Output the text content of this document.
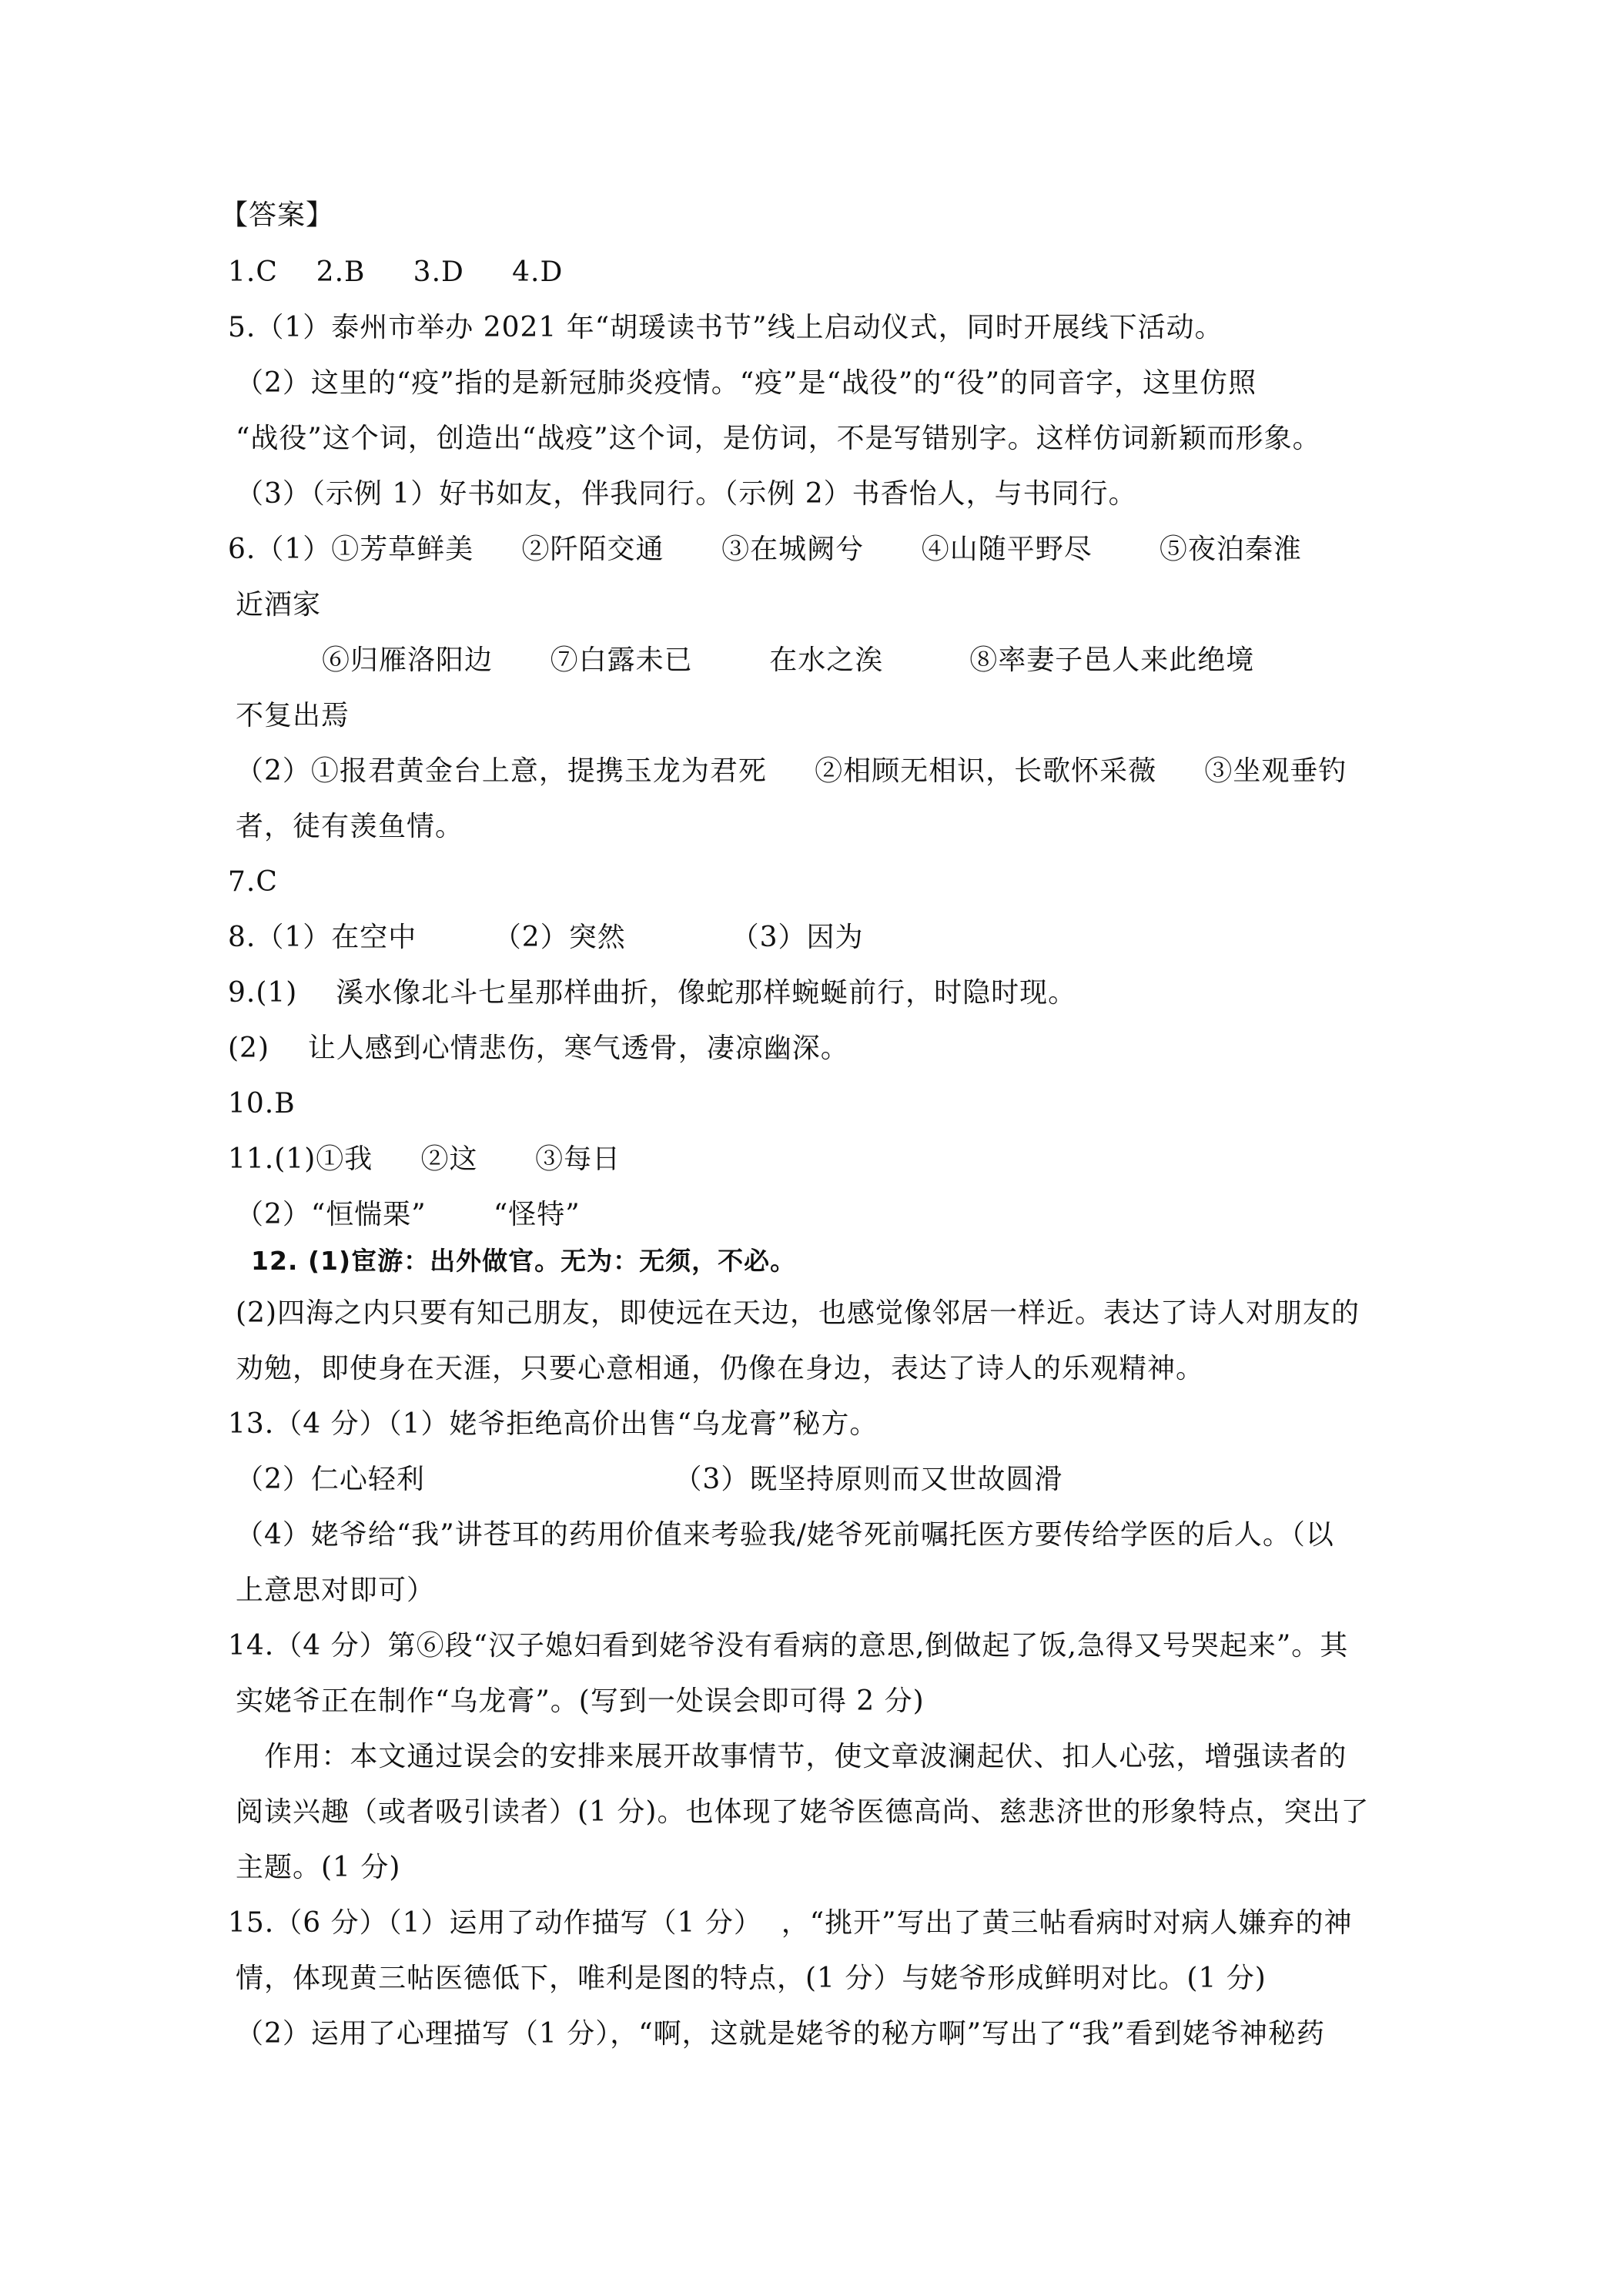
【答案】
1.C    2.B     3.D     4.D
5.（1）泰州市举办 2021 年“胡瑗读书节”线上启动仪式，同时开展线下活动。
（2）这里的“疫”指的是新冠肺炎疫情。“疫”是“战役”的“役”的同音字，这里仿照
“战役”这个词，创造出“战疫”这个词，是仿词，不是写错别字。这样仿词新颖而形象。
（3）（示例 1）好书如友，伴我同行。（示例 2）书香怡人，与书同行。
6.（1）①芳草鲜美     ②阡陌交通      ③在城阙兮      ④山随平野尽       ⑤夜泊秦淮
近酒家
⑥归雁洛阳边      ⑦白露未已        在水之涘         ⑧率妻子邑人来此绝境
不复出焉
（2）①报君黄金台上意，提携玉龙为君死     ②相顾无相识，长歌怀采薇     ③坐观垂钓
者，徒有羡鱼情。
7.C
8.（1）在空中        （2）突然           （3）因为
9.(1)    溪水像北斗七星那样曲折，像蛇那样蜿蜒前行，时隐时现。
(2)    让人感到心情悲伤，寒气透骨，凄凉幽深。
10.B
11.(1)①我     ②这      ③每日
（2）“恒惴栗”       “怪特”
12. (1)宦游：出外做官。无为：无须，不必。
(2)四海之内只要有知己朋友，即使远在天边，也感觉像邻居一样近。表达了诗人对朋友的
劝勉，即使身在天涯，只要心意相通，仍像在身边，表达了诗人的乐观精神。
13.（4 分）（1）姥爷拒绝高价出售“乌龙膏”秘方。
（2）仁心轻利                          （3）既坚持原则而又世故圆滑
（4）姥爷给“我”讲苍耳的药用价值来考验我/姥爷死前嘱托医方要传给学医的后人。（以
上意思对即可）
14.（4 分）第⑥段“汉子媳妇看到姥爷没有看病的意思,倒做起了饭,急得又号哭起来”。其
实姥爷正在制作“乌龙膏”。(写到一处误会即可得 2 分)
作用：本文通过误会的安排来展开故事情节，使文章波澜起伏、扣人心弦，增强读者的
阅读兴趣（或者吸引读者）(1 分)。也体现了姥爷医德高尚、慈悲济世的形象特点，突出了
主题。(1 分)
15.（6 分）（1）运用了动作描写（1 分）  ，“挑开”写出了黄三帖看病时对病人嫌弃的神
情，体现黄三帖医德低下，唯利是图的特点，(1 分）与姥爷形成鲜明对比。(1 分)
（2）运用了心理描写（1 分），“啊，这就是姥爷的秘方啊”写出了“我”看到姥爷神秘药
